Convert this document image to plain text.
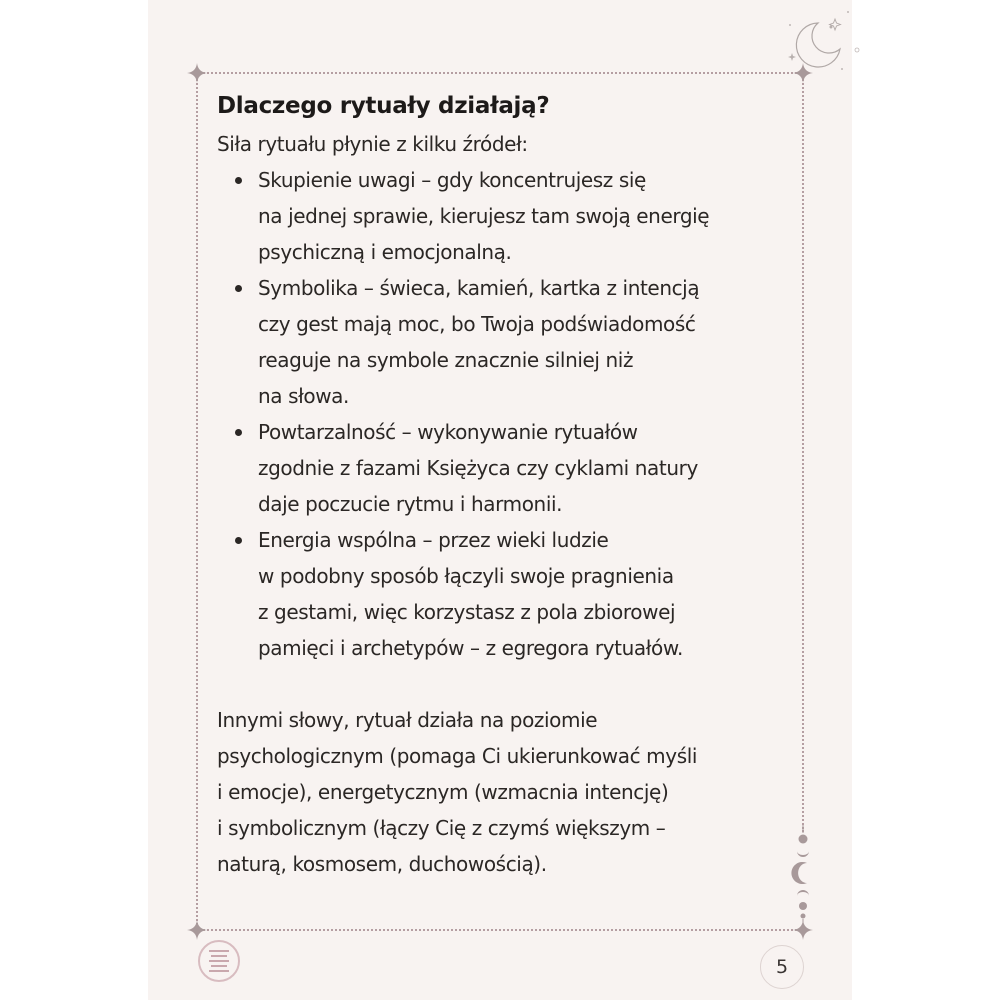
Dlaczego rytuały działają?

Siła rytuału płynie z kilku źródeł:

Skupienie uwagi – gdy koncentrujesz się
na jednej sprawie, kierujesz tam swoją energię
psychiczną i emocjonalną.
Symbolika – świeca, kamień, kartka z intencją
czy gest mają moc, bo Twoja podświadomość
reaguje na symbole znacznie silniej niż
na słowa.
Powtarzalność – wykonywanie rytuałów
zgodnie z fazami Księżyca czy cyklami natury
daje poczucie rytmu i harmonii.
Energia wspólna – przez wieki ludzie
w podobny sposób łączyli swoje pragnienia
z gestami, więc korzystasz z pola zbiorowej
pamięci i archetypów – z egregora rytuałów.
Innymi słowy, rytuał działa na poziomie
psychologicznym (pomaga Ci ukierunkować myśli
i emocje), energetycznym (wzmacnia intencję)
i symbolicznym (łączy Cię z czymś większym –
naturą, kosmosem, duchowością).
5
